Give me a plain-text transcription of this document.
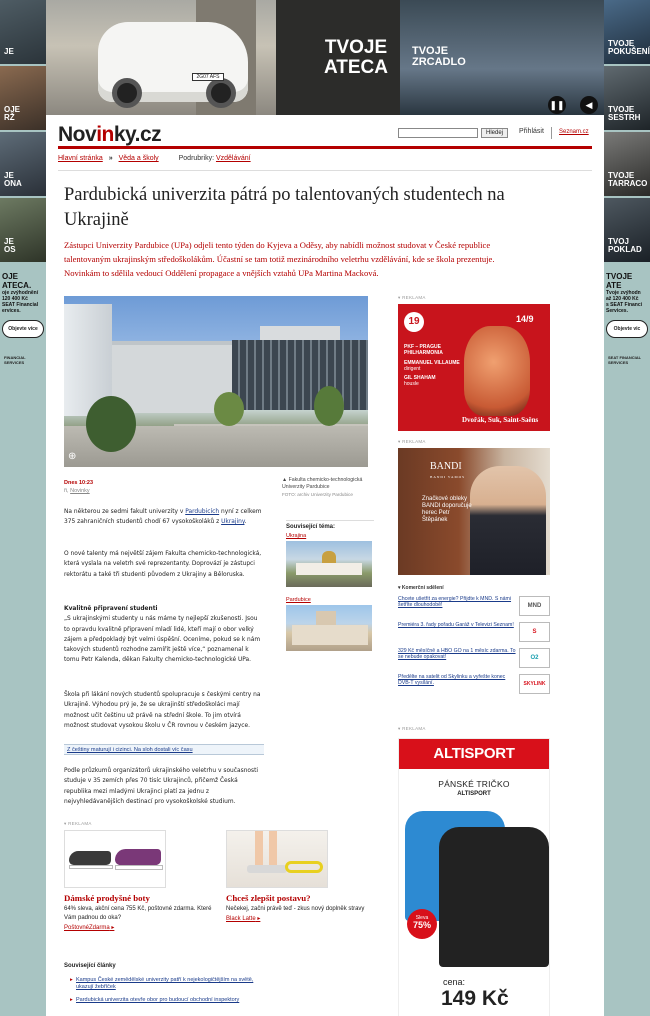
2G07 AFS
TVOJE
ATECA
TVOJE
ZRCADLO
❚❚	◀
JE
OJE
RŽ
JE
ONA
JE
OS
OJE ATECA.
oje zvýhodnění
120 400 Kč
SEAT Financial
ervices.
Objevte více
FINANCIAL SERVICES
TVOJE
POKUŠENÍ
TVOJE
SESTRH
TVOJE
TARRACO
TVOJ
POKLAD
TVOJE ATE
Tvoje zvýhodn
až 120 400 Kč
s SEAT Financi
Services.
Objevte vic
SEAT FINANCIAL SERVICES
Novinky.cz	Hledej	Přihlásit	Seznam.cz
Hlavní stránka » Věda a školy	Podrubriky: Vzdělávání
Pardubická univerzita pátrá po talentovaných studentech na Ukrajině

Zástupci Univerzity Pardubice (UPa) odjeli tento týden do Kyjeva a Oděsy, aby nabídli možnost studovat v České republice talentovaným ukrajinským středoškolákům. Účastní se tam totiž mezinárodního veletrhu vzdělávání, kde se škola prezentuje. Novinkám to sdělila vedoucí Oddělení propagace a vnějších vztahů UPa Martina Macková.

⊕
▲ Fakulta chemicko-technologická Univerzity Pardubice
FOTO: archiv Univerzity Pardubice
Dnes 10:23
ři, Novinky
Na některou ze sedmi fakult univerzity v Pardubicích nyní z celkem 375 zahraničních studentů chodí 67 vysokoškoláků z Ukrajiny.
O nové talenty má největší zájem Fakulta chemicko-technologická, která vyslala na veletrh své reprezentanty. Doprovází je zástupci rektorátu a také tři studenti původem z Ukrajiny a Běloruska.
Kvalitně připravení studenti
„S ukrajinskými studenty u nás máme ty nejlepší zkušenosti. Jsou to opravdu kvalitně připravení mladí lidé, kteří mají o obor velký zájem a předpokladý být velmi úspěšní. Oceníme, pokud se k nám takových studentů rozhodne zamířit ještě více,“ poznamenal k tomu Petr Kalenda, děkan Fakulty chemicko-technologické UPa.
Škola při lákání nových studentů spolupracuje s českými centry na Ukrajině. Výhodou prý je, že se ukrajinští středoškoláci mají možnost učit češtinu už právě na střední škole. To jim otvírá možnost studovat vysokou školu v ČR rovnou v českém jazyce.
Z češtiny maturují i cizinci. Na sloh dostali víc času
Podle průzkumů organizátorů ukrajinského veletrhu v současnosti studuje v 35 zemích přes 70 tisíc Ukrajinců, přičemž Česká republika mezi mladými Ukrajinci platí za jednu z nejvyhledávanějších destinací pro vysokoškolské studium.
Související téma:
Ukrajina
Pardubice
▾ REKLAMA
Dámské prodyšné boty
64% sleva, akční cena 755 Kč, poštovné zdarma. Které Vám padnou do oka?
PoštovnéZdarma ▸
Chceš zlepšit postavu?
Nečekej, začni právě teď - zkus nový doplněk stravy
Black Latte ▸
Související články
▸ Kampus České zemědělské univerzity patří k nejekologičtějším na světě, ukazují žebříček
▸ Pardubická univerzita otevře obor pro budoucí obchodní inspektory
▾ REKLAMA
19	14/9
PKF – PRAGUE PHILHARMONIA
EMMANUEL VILLAUME
dirigent
GIL SHAHAM
housle
Dvořák, Suk, Saint-Saëns
▾ REKLAMA
BANDI
BANDI VAMOS
Značkové obleky BANDI doporučuje herec Petr Štěpánek
▾ Komerční sdělení
Chcete ušetřit za energie? Přijdte k MND. S námi šetříte dlouhodobě!	MND
Premiéra 3. řady pořadu Garáž v Televizi Seznam!
S
329 Kč měsíčně a HBO GO na 1 měsíc zdarma. To se nebude opakovat!	O2
Předělte na satelit od Skylinku a vyřešte konec DVB-T vysílání.	SKYLINK
▾ REKLAMA
ALTISPORT
PÁNSKÉ TRIČKO
ALTISPORT
Sleva
75%
cena:
149 Kč
